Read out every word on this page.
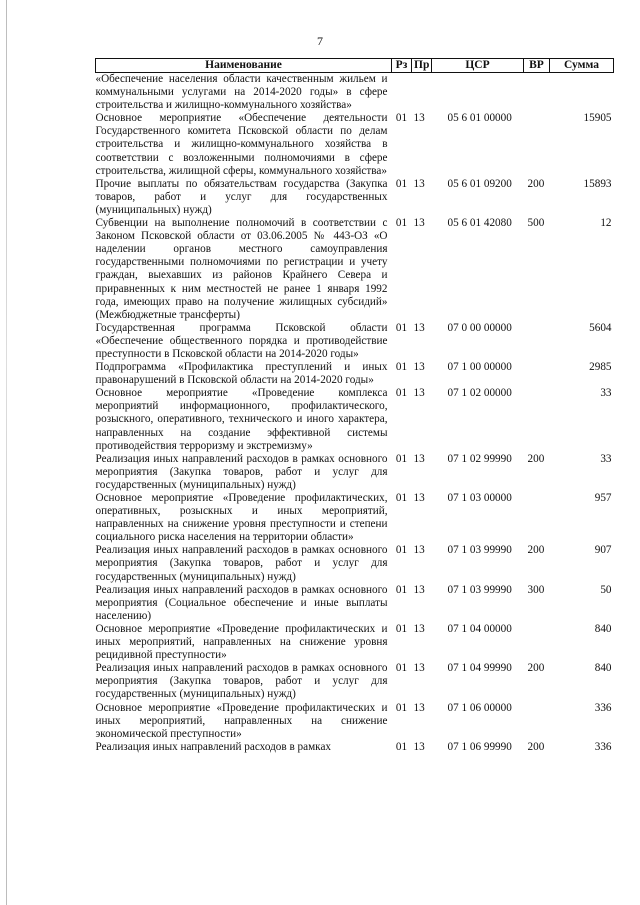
7
Наименование	Рз	Пр	ЦСР	ВР	Сумма
«Обеспечение населения области качественным жильем и коммунальными услугами на 2014-2020 годы» в сфере строительства и жилищно-коммунального хозяйства»					
Основное мероприятие «Обеспечение деятельности Государственного комитета Псковской области по делам строительства и жилищно-коммунального хозяйства в соответствии с возложенными полномочиями в сфере строительства, жилищной сферы, коммунального хозяйства»	01	13	05 6 01 00000		15905
Прочие выплаты по обязательствам государства (Закупка товаров, работ и услуг для государственных (муниципальных) нужд)	01	13	05 6 01 09200	200	15893
Субвенции на выполнение полномочий в соответствии с Законом Псковской области от 03.06.2005 № 443-ОЗ «О наделении органов местного самоуправления государственными полномочиями по регистрации и учету граждан, выехавших из районов Крайнего Севера и приравненных к ним местностей не ранее 1 января 1992 года, имеющих право на получение жилищных субсидий» (Межбюджетные трансферты)	01	13	05 6 01 42080	500	12
Государственная программа Псковской области «Обеспечение общественного порядка и противодействие преступности в Псковской области на 2014-2020 годы»	01	13	07 0 00 00000		5604
Подпрограмма «Профилактика преступлений и иных правонарушений в Псковской области на 2014-2020 годы»	01	13	07 1 00 00000		2985
Основное мероприятие «Проведение комплекса мероприятий информационного, профилактического, розыскного, оперативного, технического и иного характера, направленных на создание эффективной системы противодействия терроризму и экстремизму»	01	13	07 1 02 00000		33
Реализация иных направлений расходов в рамках основного мероприятия (Закупка товаров, работ и услуг для государственных (муниципальных) нужд)	01	13	07 1 02 99990	200	33
Основное мероприятие «Проведение профилактических, оперативных, розыскных и иных мероприятий, направленных на снижение уровня преступности и степени социального риска населения на территории области»	01	13	07 1 03 00000		957
Реализация иных направлений расходов в рамках основного мероприятия (Закупка товаров, работ и услуг для государственных (муниципальных) нужд)	01	13	07 1 03 99990	200	907
Реализация иных направлений расходов в рамках основного мероприятия (Социальное обеспечение и иные выплаты населению)	01	13	07 1 03 99990	300	50
Основное мероприятие «Проведение профилактических и иных мероприятий, направленных на снижение уровня рецидивной преступности»	01	13	07 1 04 00000		840
Реализация иных направлений расходов в рамках основного мероприятия (Закупка товаров, работ и услуг для государственных (муниципальных) нужд)	01	13	07 1 04 99990	200	840
Основное мероприятие «Проведение профилактических и иных мероприятий, направленных на снижение экономической преступности»	01	13	07 1 06 00000		336
Реализация иных направлений расходов в рамках	01	13	07 1 06 99990	200	336
